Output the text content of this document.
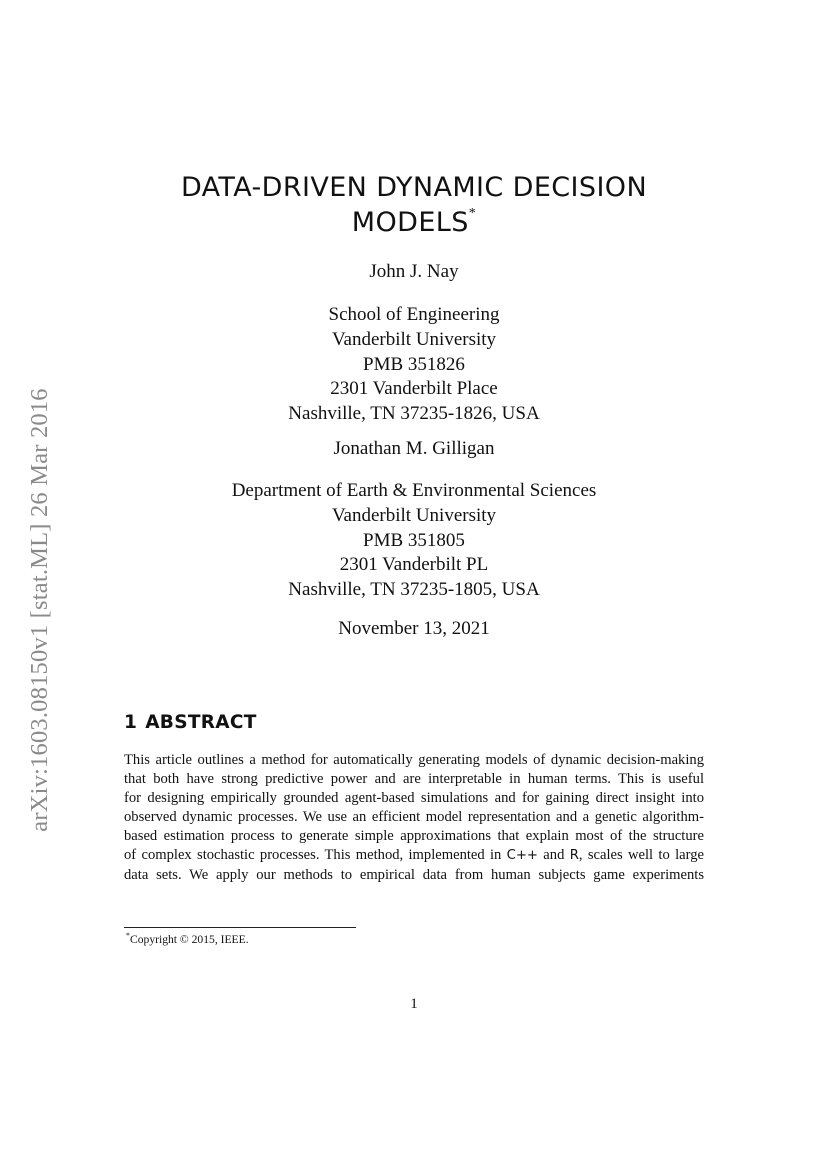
arXiv:1603.08150v1 [stat.ML] 26 Mar 2016
DATA-DRIVEN DYNAMIC DECISION
MODELS*
John J. Nay
School of Engineering
Vanderbilt University
PMB 351826
2301 Vanderbilt Place
Nashville, TN 37235-1826, USA
Jonathan M. Gilligan
Department of Earth & Environmental Sciences
Vanderbilt University
PMB 351805
2301 Vanderbilt PL
Nashville, TN 37235-1805, USA
November 13, 2021
1 ABSTRACT
This article outlines a method for automatically generating models of dynamic decision-making
that both have strong predictive power and are interpretable in human terms. This is useful
for designing empirically grounded agent-based simulations and for gaining direct insight into
observed dynamic processes. We use an efficient model representation and a genetic algorithm-
based estimation process to generate simple approximations that explain most of the structure
of complex stochastic processes. This method, implemented in C++ and R, scales well to large
data sets. We apply our methods to empirical data from human subjects game experiments
*Copyright © 2015, IEEE.
1
